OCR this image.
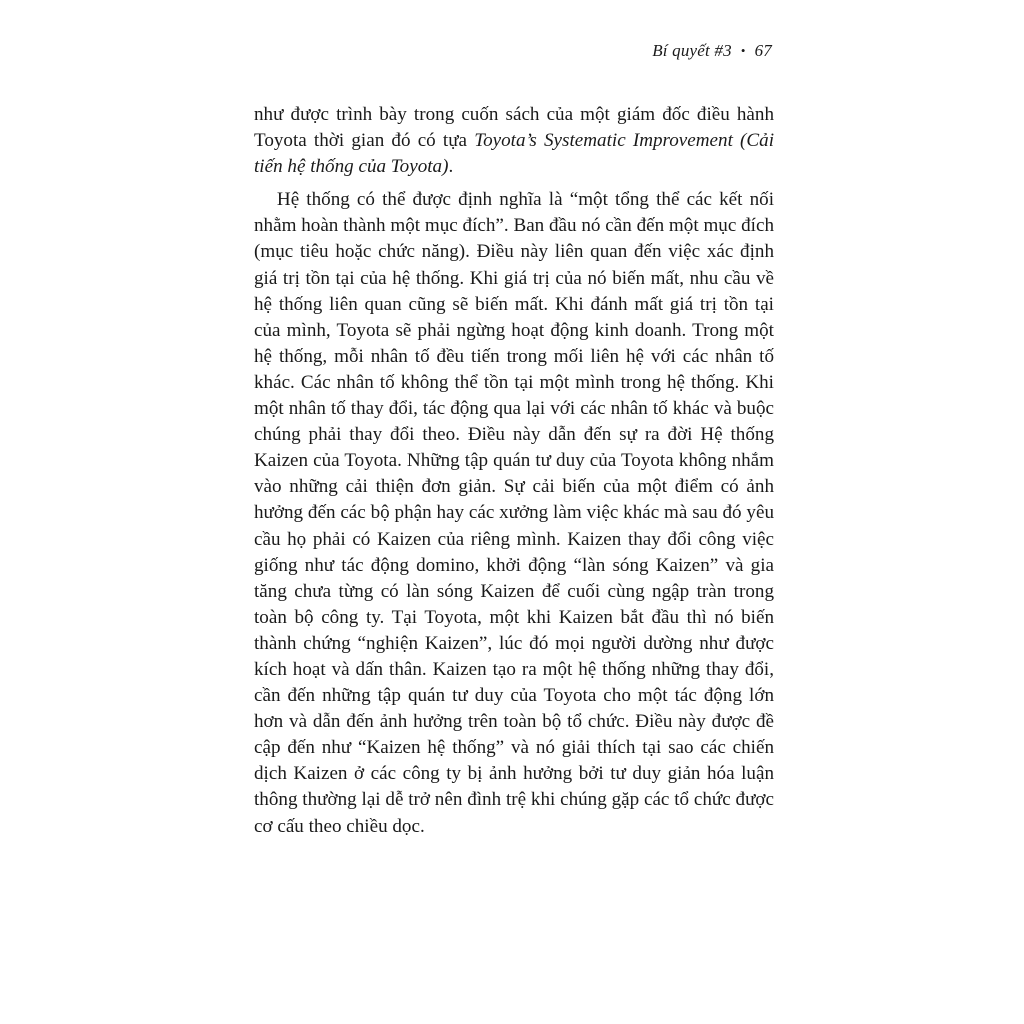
Bí quyết #3 • 67

như được trình bày trong cuốn sách của một giám đốc điều hành Toyota thời gian đó có tựa Toyota’s Systematic Improvement (Cải tiến hệ thống của Toyota).

Hệ thống có thể được định nghĩa là “một tổng thể các kết nối nhằm hoàn thành một mục đích”. Ban đầu nó cần đến một mục đích (mục tiêu hoặc chức năng). Điều này liên quan đến việc xác định giá trị tồn tại của hệ thống. Khi giá trị của nó biến mất, nhu cầu về hệ thống liên quan cũng sẽ biến mất. Khi đánh mất giá trị tồn tại của mình, Toyota sẽ phải ngừng hoạt động kinh doanh. Trong một hệ thống, mỗi nhân tố đều tiến trong mối liên hệ với các nhân tố khác. Các nhân tố không thể tồn tại một mình trong hệ thống. Khi một nhân tố thay đổi, tác động qua lại với các nhân tố khác và buộc chúng phải thay đổi theo. Điều này dẫn đến sự ra đời Hệ thống Kaizen của Toyota. Những tập quán tư duy của Toyota không nhắm vào những cải thiện đơn giản. Sự cải biến của một điểm có ảnh hưởng đến các bộ phận hay các xưởng làm việc khác mà sau đó yêu cầu họ phải có Kaizen của riêng mình. Kaizen thay đổi công việc giống như tác động domino, khởi động “làn sóng Kaizen” và gia tăng chưa từng có làn sóng Kaizen để cuối cùng ngập tràn trong toàn bộ công ty. Tại Toyota, một khi Kaizen bắt đầu thì nó biến thành chứng “nghiện Kaizen”, lúc đó mọi người dường như được kích hoạt và dấn thân. Kaizen tạo ra một hệ thống những thay đổi, cần đến những tập quán tư duy của Toyota cho một tác động lớn hơn và dẫn đến ảnh hưởng trên toàn bộ tổ chức. Điều này được đề cập đến như “Kaizen hệ thống” và nó giải thích tại sao các chiến dịch Kaizen ở các công ty bị ảnh hưởng bởi tư duy giản hóa luận thông thường lại dễ trở nên đình trệ khi chúng gặp các tổ chức được cơ cấu theo chiều dọc.
